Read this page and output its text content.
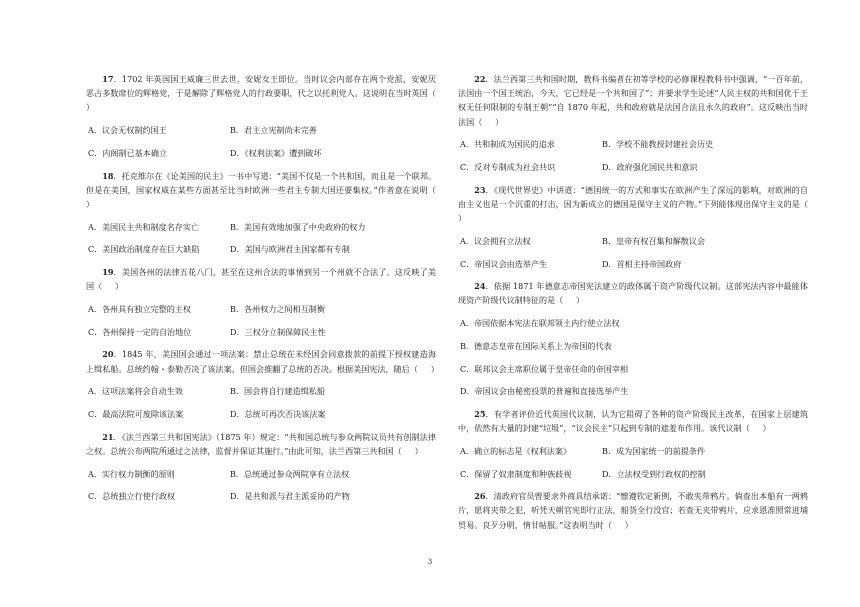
17．1702 年英国国王威廉三世去世，安妮女王即位。当时议会内部存在两个党派，安妮厌恶占多数席位的辉格党，于是解除了辉格党人的行政要职，代之以托利党人。这说明在当时英国（     ）

A．议会无权制约国王	B．君主立宪制尚未完善
C．内阁制已基本确立	D．《权利法案》遭到破坏

18．托克维尔在《论美国的民主》一书中写道：“美国不仅是一个共和国，而且是一个联邦。但是在美国，国家权威在某些方面甚至比当时欧洲一些君主专制大国还要集权。”作者意在说明（     ）

A．美国民主共和制度名存实亡	B．美国有效地加强了中央政府的权力
C．美国政治制度存在巨大缺陷	D．美国与欧洲君主国家都有专制

19．美国各州的法律五花八门，甚至在这州合法的事情到另一个州就不合法了。这反映了美国（     ）

A．各州具有独立完整的主权	B．各州权力之间相互制衡
C．各州保持一定的自治地位	D．三权分立制保障民主性

20．1845 年，美国国会通过一项法案：禁止总统在未经国会同意拨款的前提下授权建造海上缉私船。总统约翰・泰勒否决了该法案，但国会推翻了总统的否决。根据美国宪法，随后（     ）

A．这项法案将会自动生效	B．国会将自行建造缉私船
C．最高法院可废除该法案	D．总统可再次否决该法案

21．《法兰西第三共和国宪法》（1875 年）规定：“共和国总统与参众两院议员共有创制法律之权。总统公布两院所通过之法律，监督并保证其施行。”由此可知，法兰西第三共和国（     ）

A．实行权力制衡的原则	B．总统通过参众两院享有立法权
C．总统独立行使行政权	D．是共和派与君主派妥协的产物

22．法兰西第三共和国时期，教科书编者在初等学校的必修课程教科书中强调，“一百年前，法国由一个国王统治，今天，它已经是一个共和国了”；并要求学生论述“人民主权的共和国优于王权无任何限制的专制王朝”“自 1870 年起，共和政府就是法国合法且永久的政府”。这反映出当时法国（     ）

A．共和制成为国民的追求	B．学校不能教授封建社会历史
C．反对专制成为社会共识	D．政府强化国民共和意识

23．《现代世界史》中讲道：“德国统一的方式和事实在欧洲产生了深远的影响，对欧洲的自由主义也是一个沉重的打击，因为新成立的德国是保守主义的产物。”下列能体现出保守主义的是（     ）

A．议会拥有立法权	B．皇帝有权召集和解散议会
C．帝国议会由选举产生	D．首相主持帝国政府

24．依据 1871 年德意志帝国宪法建立的政体属于资产阶级代议制。这部宪法内容中最能体现资产阶级代议制特征的是（     ）

A．帝国依据本宪法在联邦领土内行使立法权
B．德意志皇帝在国际关系上为帝国的代表
C．联邦议会主席职位属于皇帝任命的帝国宰相
D．帝国议会由秘密投票的普遍和直接选举产生

25．有学者评价近代英国代议制，认为它阻碍了各种的资产阶级民主改革，在国家上层建筑中，依然有大量的封建“垃圾”，“议会民主”只起到专制的遮羞布作用。该代议制（     ）

A．确立的标志是《权利法案》	B．成为国家统一的前提条件
C．保留了奴隶制度和种族歧视	D．立法权受到行政权的控制

26．清政府官员曾要求外商具结承诺：“懔遵钦定新例，不敢夹带鸦片。倘查出本船有一两鸦片，愿将夹带之犯，听凭天朝官宪即行正法，船货全行没官；若查无夹带鸦片，应求恩准照常进埔贸易。良歹分明，情甘帖服。”这表明当时（     ）

3
